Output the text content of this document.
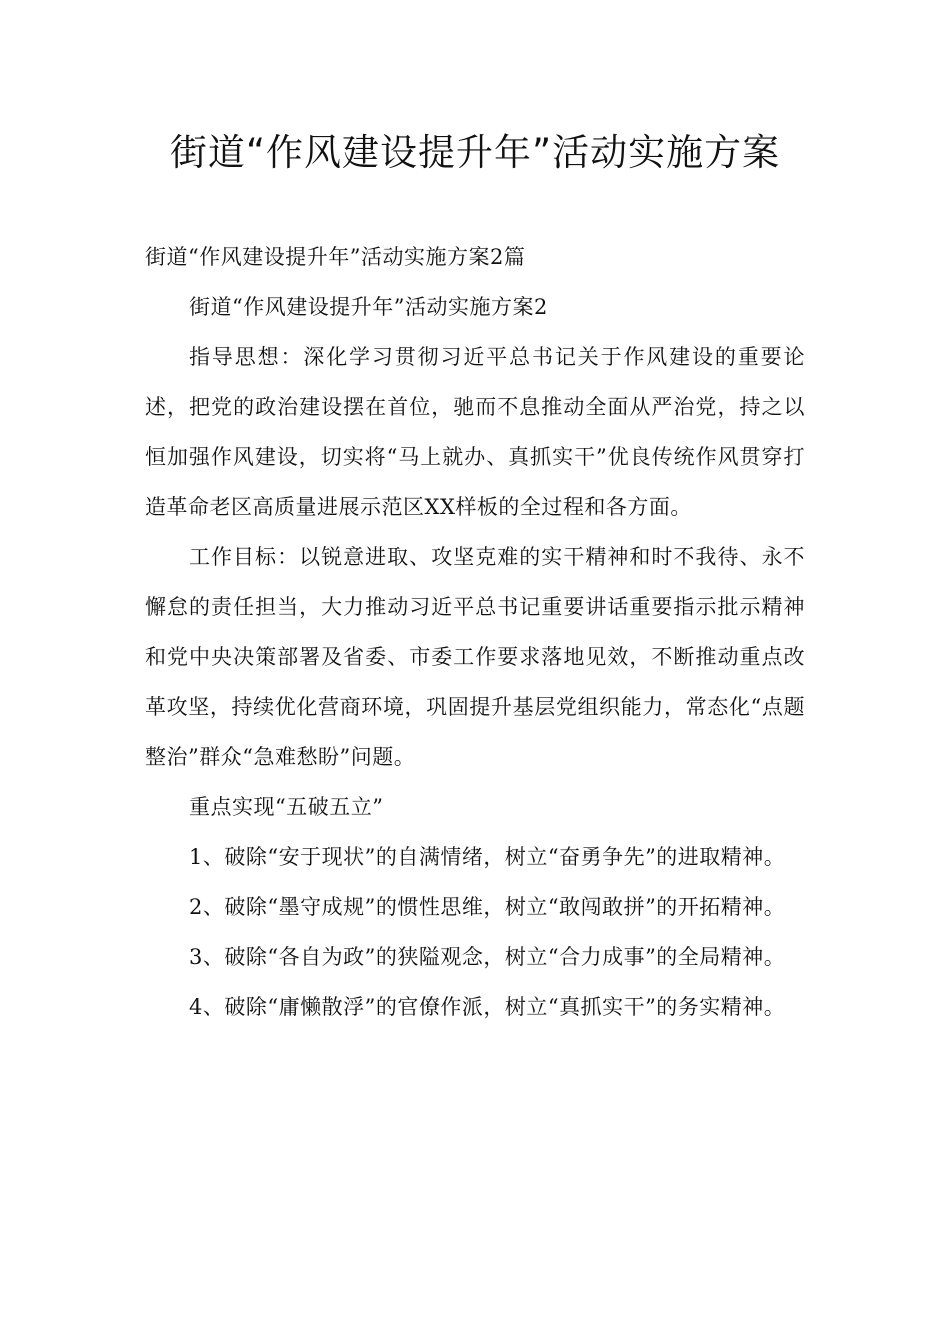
街道“作风建设提升年”活动实施方案

街道“作风建设提升年”活动实施方案2篇

街道“作风建设提升年”活动实施方案2

指导思想：深化学习贯彻习近平总书记关于作风建设的重要论述，把党的政治建设摆在首位，驰而不息推动全面从严治党，持之以恒加强作风建设，切实将“马上就办、真抓实干”优良传统作风贯穿打造革命老区高质量进展示范区XX样板的全过程和各方面。

工作目标：以锐意进取、攻坚克难的实干精神和时不我待、永不懈怠的责任担当，大力推动习近平总书记重要讲话重要指示批示精神和党中央决策部署及省委、市委工作要求落地见效，不断推动重点改革攻坚，持续优化营商环境，巩固提升基层党组织能力，常态化“点题整治”群众“急难愁盼”问题。

重点实现“五破五立”

1、破除“安于现状”的自满情绪，树立“奋勇争先”的进取精神。

2、破除“墨守成规”的惯性思维，树立“敢闯敢拼”的开拓精神。

3、破除“各自为政”的狭隘观念，树立“合力成事”的全局精神。

4、破除“庸懒散浮”的官僚作派，树立“真抓实干”的务实精神。
